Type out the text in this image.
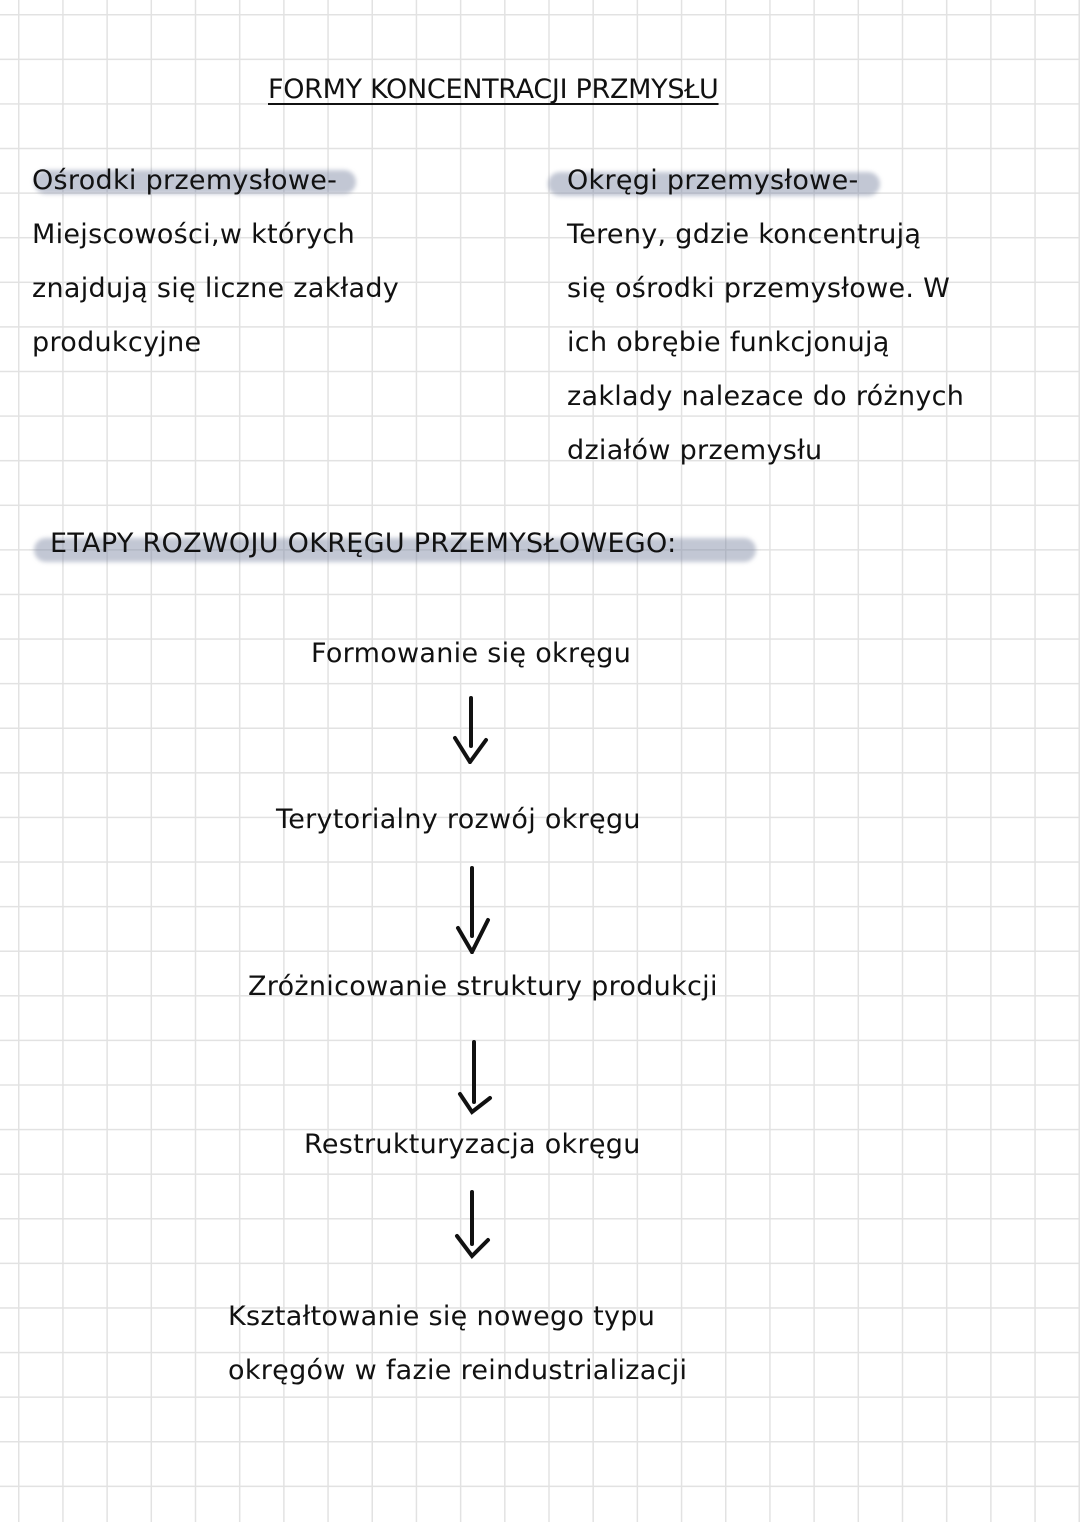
FORMY KONCENTRACJI PRZMYSŁU
Ośrodki przemysłowe-
Miejscowości,w których
znajdują się liczne zakłady
produkcyjne
Okręgi przemysłowe-
Tereny, gdzie koncentrują
się ośrodki przemysłowe. W
ich obrębie funkcjonują
zaklady nalezace do różnych
działów przemysłu
ETAPY ROZWOJU OKRĘGU PRZEMYSŁOWEGO:
Formowanie się okręgu
Terytorialny rozwój okręgu
Zróżnicowanie struktury produkcji
Restrukturyzacja okręgu
Kształtowanie się nowego typu
okręgów w fazie reindustrializacji
